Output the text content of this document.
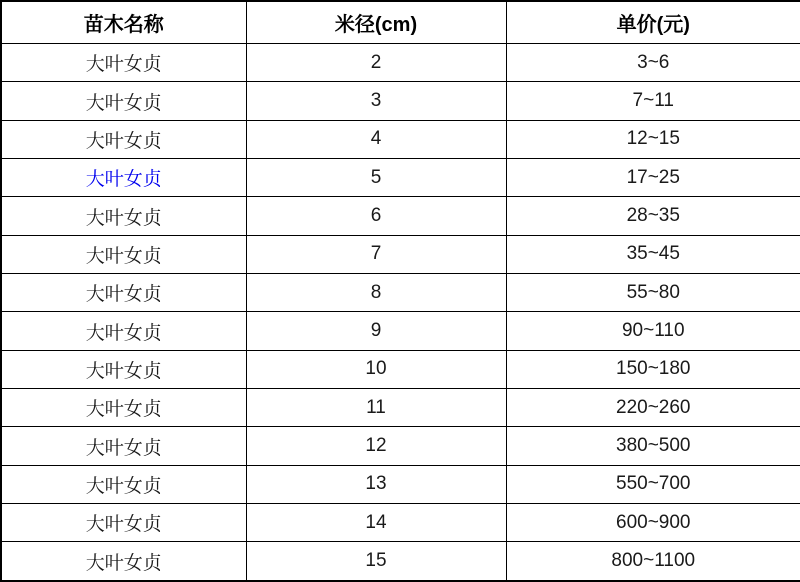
苗木名称	米径(cm)	单价(元)
大叶女贞	2	3~6
大叶女贞	3	7~11
大叶女贞	4	12~15
大叶女贞	5	17~25
大叶女贞	6	28~35
大叶女贞	7	35~45
大叶女贞	8	55~80
大叶女贞	9	90~110
大叶女贞	10	150~180
大叶女贞	11	220~260
大叶女贞	12	380~500
大叶女贞	13	550~700
大叶女贞	14	600~900
大叶女贞	15	800~1100
